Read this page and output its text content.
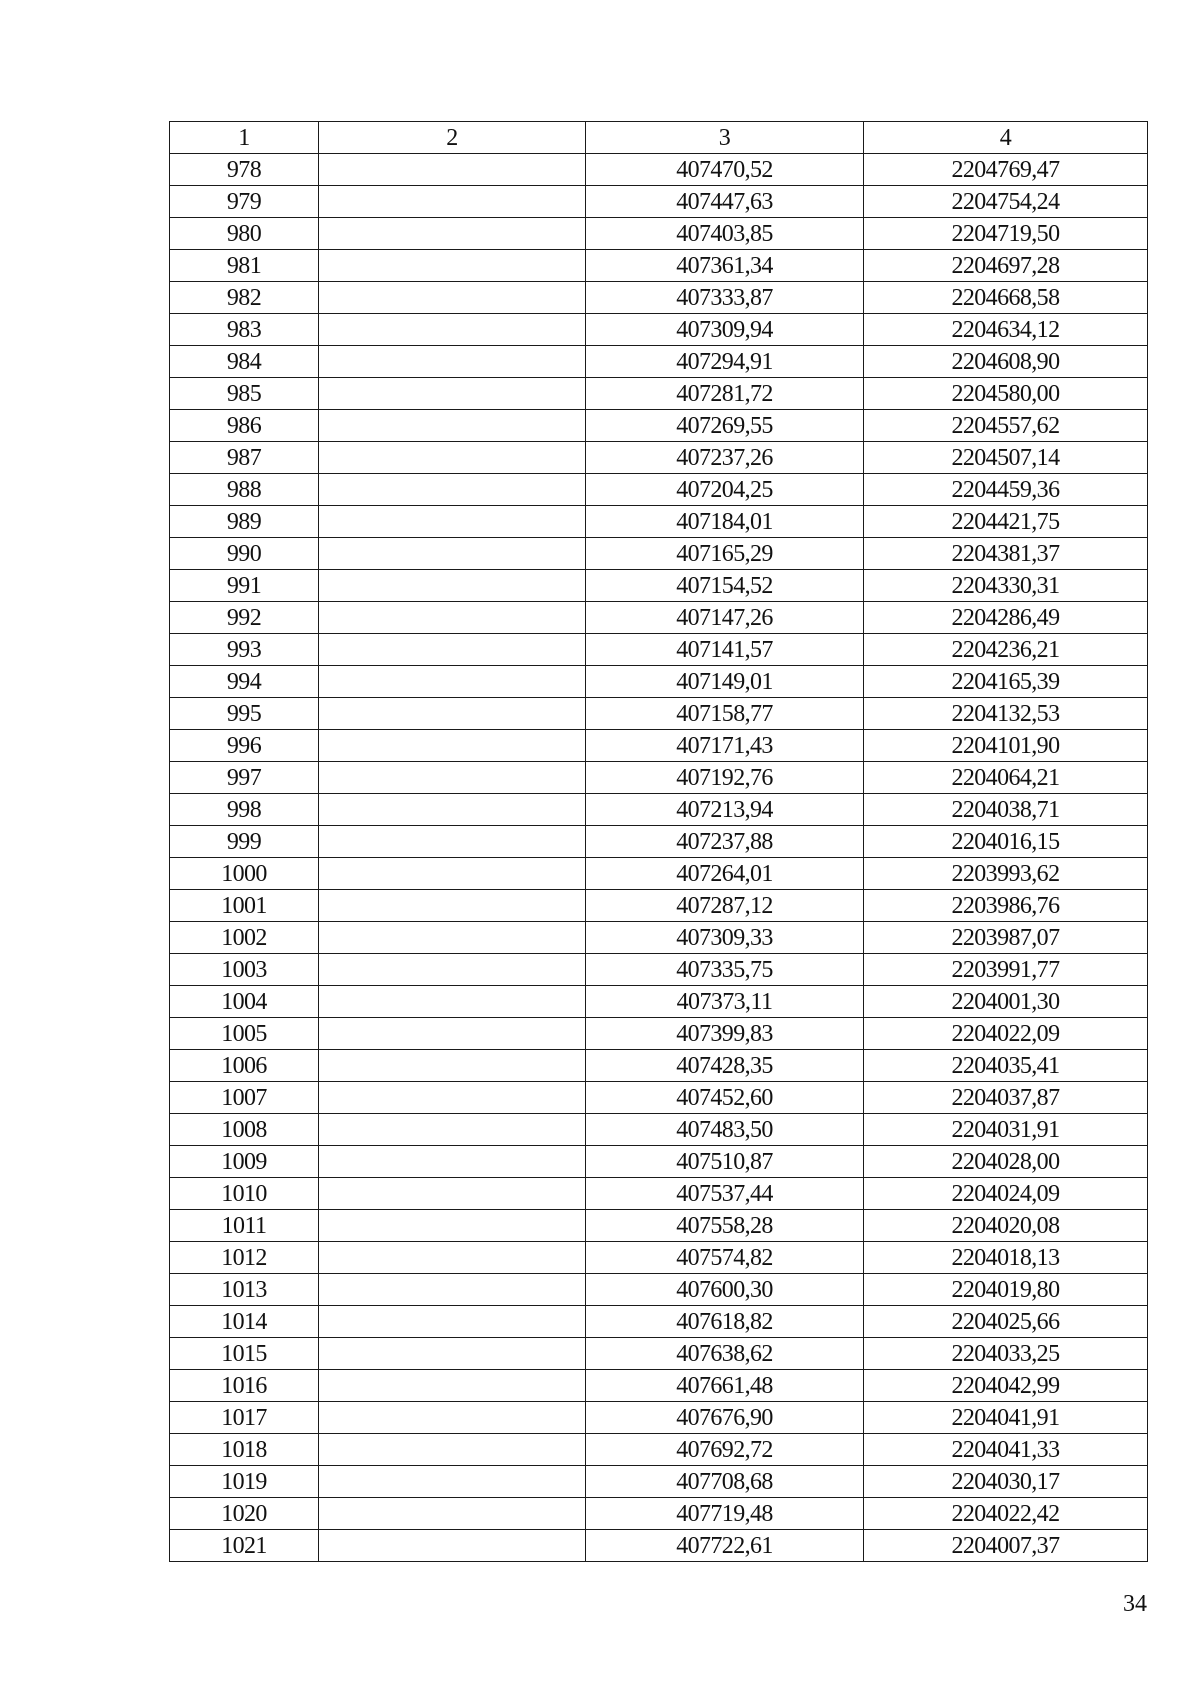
1	2	3	4
978		407470,52	2204769,47
979		407447,63	2204754,24
980		407403,85	2204719,50
981		407361,34	2204697,28
982		407333,87	2204668,58
983		407309,94	2204634,12
984		407294,91	2204608,90
985		407281,72	2204580,00
986		407269,55	2204557,62
987		407237,26	2204507,14
988		407204,25	2204459,36
989		407184,01	2204421,75
990		407165,29	2204381,37
991		407154,52	2204330,31
992		407147,26	2204286,49
993		407141,57	2204236,21
994		407149,01	2204165,39
995		407158,77	2204132,53
996		407171,43	2204101,90
997		407192,76	2204064,21
998		407213,94	2204038,71
999		407237,88	2204016,15
1000		407264,01	2203993,62
1001		407287,12	2203986,76
1002		407309,33	2203987,07
1003		407335,75	2203991,77
1004		407373,11	2204001,30
1005		407399,83	2204022,09
1006		407428,35	2204035,41
1007		407452,60	2204037,87
1008		407483,50	2204031,91
1009		407510,87	2204028,00
1010		407537,44	2204024,09
1011		407558,28	2204020,08
1012		407574,82	2204018,13
1013		407600,30	2204019,80
1014		407618,82	2204025,66
1015		407638,62	2204033,25
1016		407661,48	2204042,99
1017		407676,90	2204041,91
1018		407692,72	2204041,33
1019		407708,68	2204030,17
1020		407719,48	2204022,42
1021		407722,61	2204007,37
34
